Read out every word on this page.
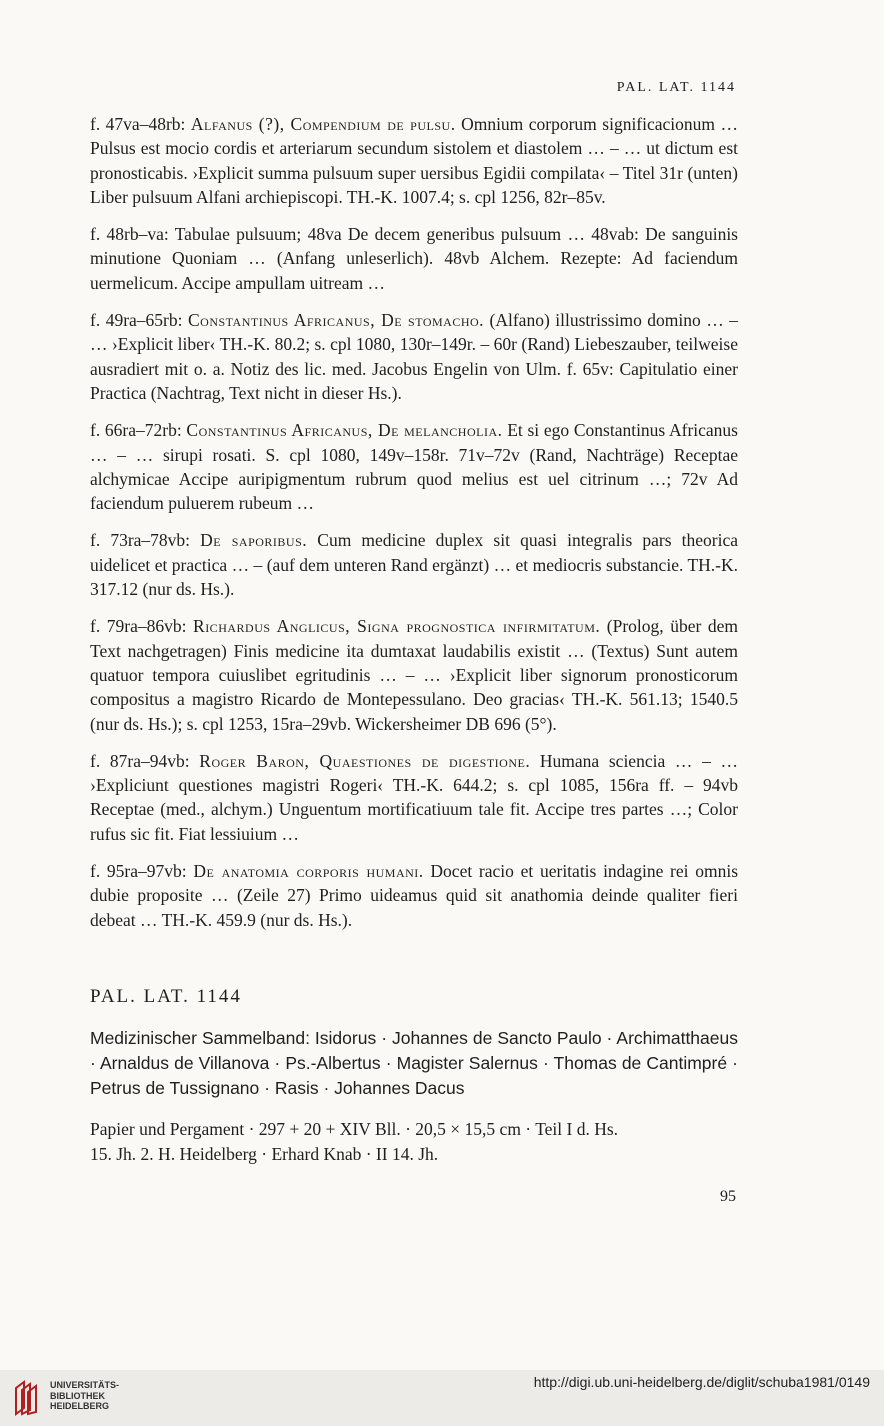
PAL. LAT. 1144

f. 47va–48rb: Alfanus (?), Compendium de pulsu. Omnium corporum significacionum … Pulsus est mocio cordis et arteriarum secundum sistolem et diastolem … – … ut dictum est pronosticabis. ›Explicit summa pulsuum super uersibus Egidii compilata‹ – Titel 31r (unten) Liber pulsuum Alfani archiepiscopi. TH.-K. 1007.4; s. cpl 1256, 82r–85v.

f. 48rb–va: Tabulae pulsuum; 48va De decem generibus pulsuum … 48vab: De sanguinis minutione Quoniam … (Anfang unleserlich). 48vb Alchem. Rezepte: Ad faciendum uermelicum. Accipe ampullam uitream …

f. 49ra–65rb: Constantinus Africanus, De stomacho. (Alfano) illustrissimo domino … – … ›Explicit liber‹ TH.-K. 80.2; s. cpl 1080, 130r–149r. – 60r (Rand) Liebeszauber, teilweise ausradiert mit o. a. Notiz des lic. med. Jacobus Engelin von Ulm. f. 65v: Capitulatio einer Practica (Nachtrag, Text nicht in dieser Hs.).

f. 66ra–72rb: Constantinus Africanus, De melancholia. Et si ego Constantinus Africanus … – … sirupi rosati. S. cpl 1080, 149v–158r. 71v–72v (Rand, Nachträge) Receptae alchymicae Accipe auripigmentum rubrum quod melius est uel citrinum …; 72v Ad faciendum puluerem rubeum …

f. 73ra–78vb: De saporibus. Cum medicine duplex sit quasi integralis pars theorica uidelicet et practica … – (auf dem unteren Rand ergänzt) … et mediocris substancie. TH.-K. 317.12 (nur ds. Hs.).

f. 79ra–86vb: Richardus Anglicus, Signa prognostica infirmitatum. (Prolog, über dem Text nachgetragen) Finis medicine ita dumtaxat laudabilis existit … (Textus) Sunt autem quatuor tempora cuiuslibet egritudinis … – … ›Explicit liber signorum pronosticorum compositus a magistro Ricardo de Montepessulano. Deo gracias‹ TH.-K. 561.13; 1540.5 (nur ds. Hs.); s. cpl 1253, 15ra–29vb. Wickersheimer DB 696 (5°).

f. 87ra–94vb: Roger Baron, Quaestiones de digestione. Humana sciencia … – … ›Expliciunt questiones magistri Rogeri‹ TH.-K. 644.2; s. cpl 1085, 156ra ff. – 94vb Receptae (med., alchym.) Unguentum mortificatiuum tale fit. Accipe tres partes …; Color rufus sic fit. Fiat lessiuium …

f. 95ra–97vb: De anatomia corporis humani. Docet racio et ueritatis indagine rei omnis dubie proposite … (Zeile 27) Primo uideamus quid sit anathomia deinde qualiter fieri debeat … TH.-K. 459.9 (nur ds. Hs.).

PAL. LAT. 1144
Medizinischer Sammelband: Isidorus · Johannes de Sancto Paulo · Archimatthaeus · Arnaldus de Villanova · Ps.-Albertus · Magister Salernus · Thomas de Cantimpré · Petrus de Tussignano · Rasis · Johannes Dacus
Papier und Pergament · 297 + 20 + XIV Bll. · 20,5 × 15,5 cm · Teil I d. Hs.
15. Jh. 2. H. Heidelberg · Erhard Knab · II 14. Jh.
95
UNIVERSITÄTS-
BIBLIOTHEK
HEIDELBERG
http://digi.ub.uni-heidelberg.de/diglit/schuba1981/0149
